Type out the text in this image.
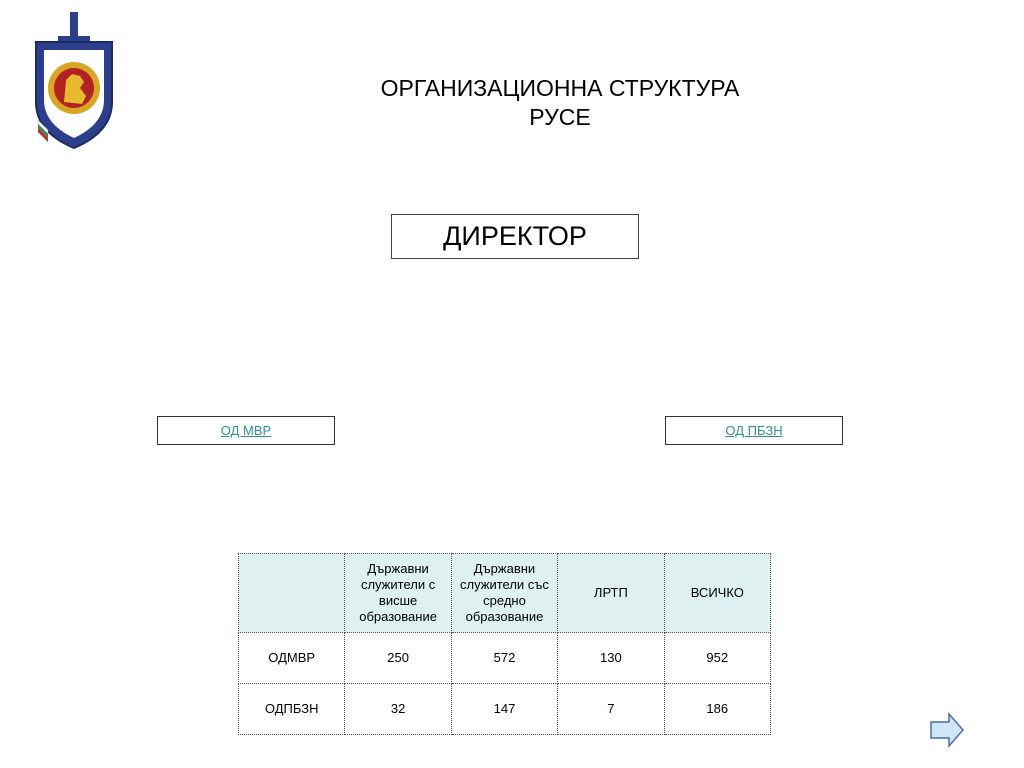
ОРГАНИЗАЦИОННА СТРУКТУРА
РУСЕ
ДИРЕКТОР
ОД МВР	ОД ПБЗН
	Държавни служители с висше образование	Държавни служители със средно образование	ЛРТП	ВСИЧКО
ОДМВР	250	572	130	952
ОДПБЗН	32	147	7	186
